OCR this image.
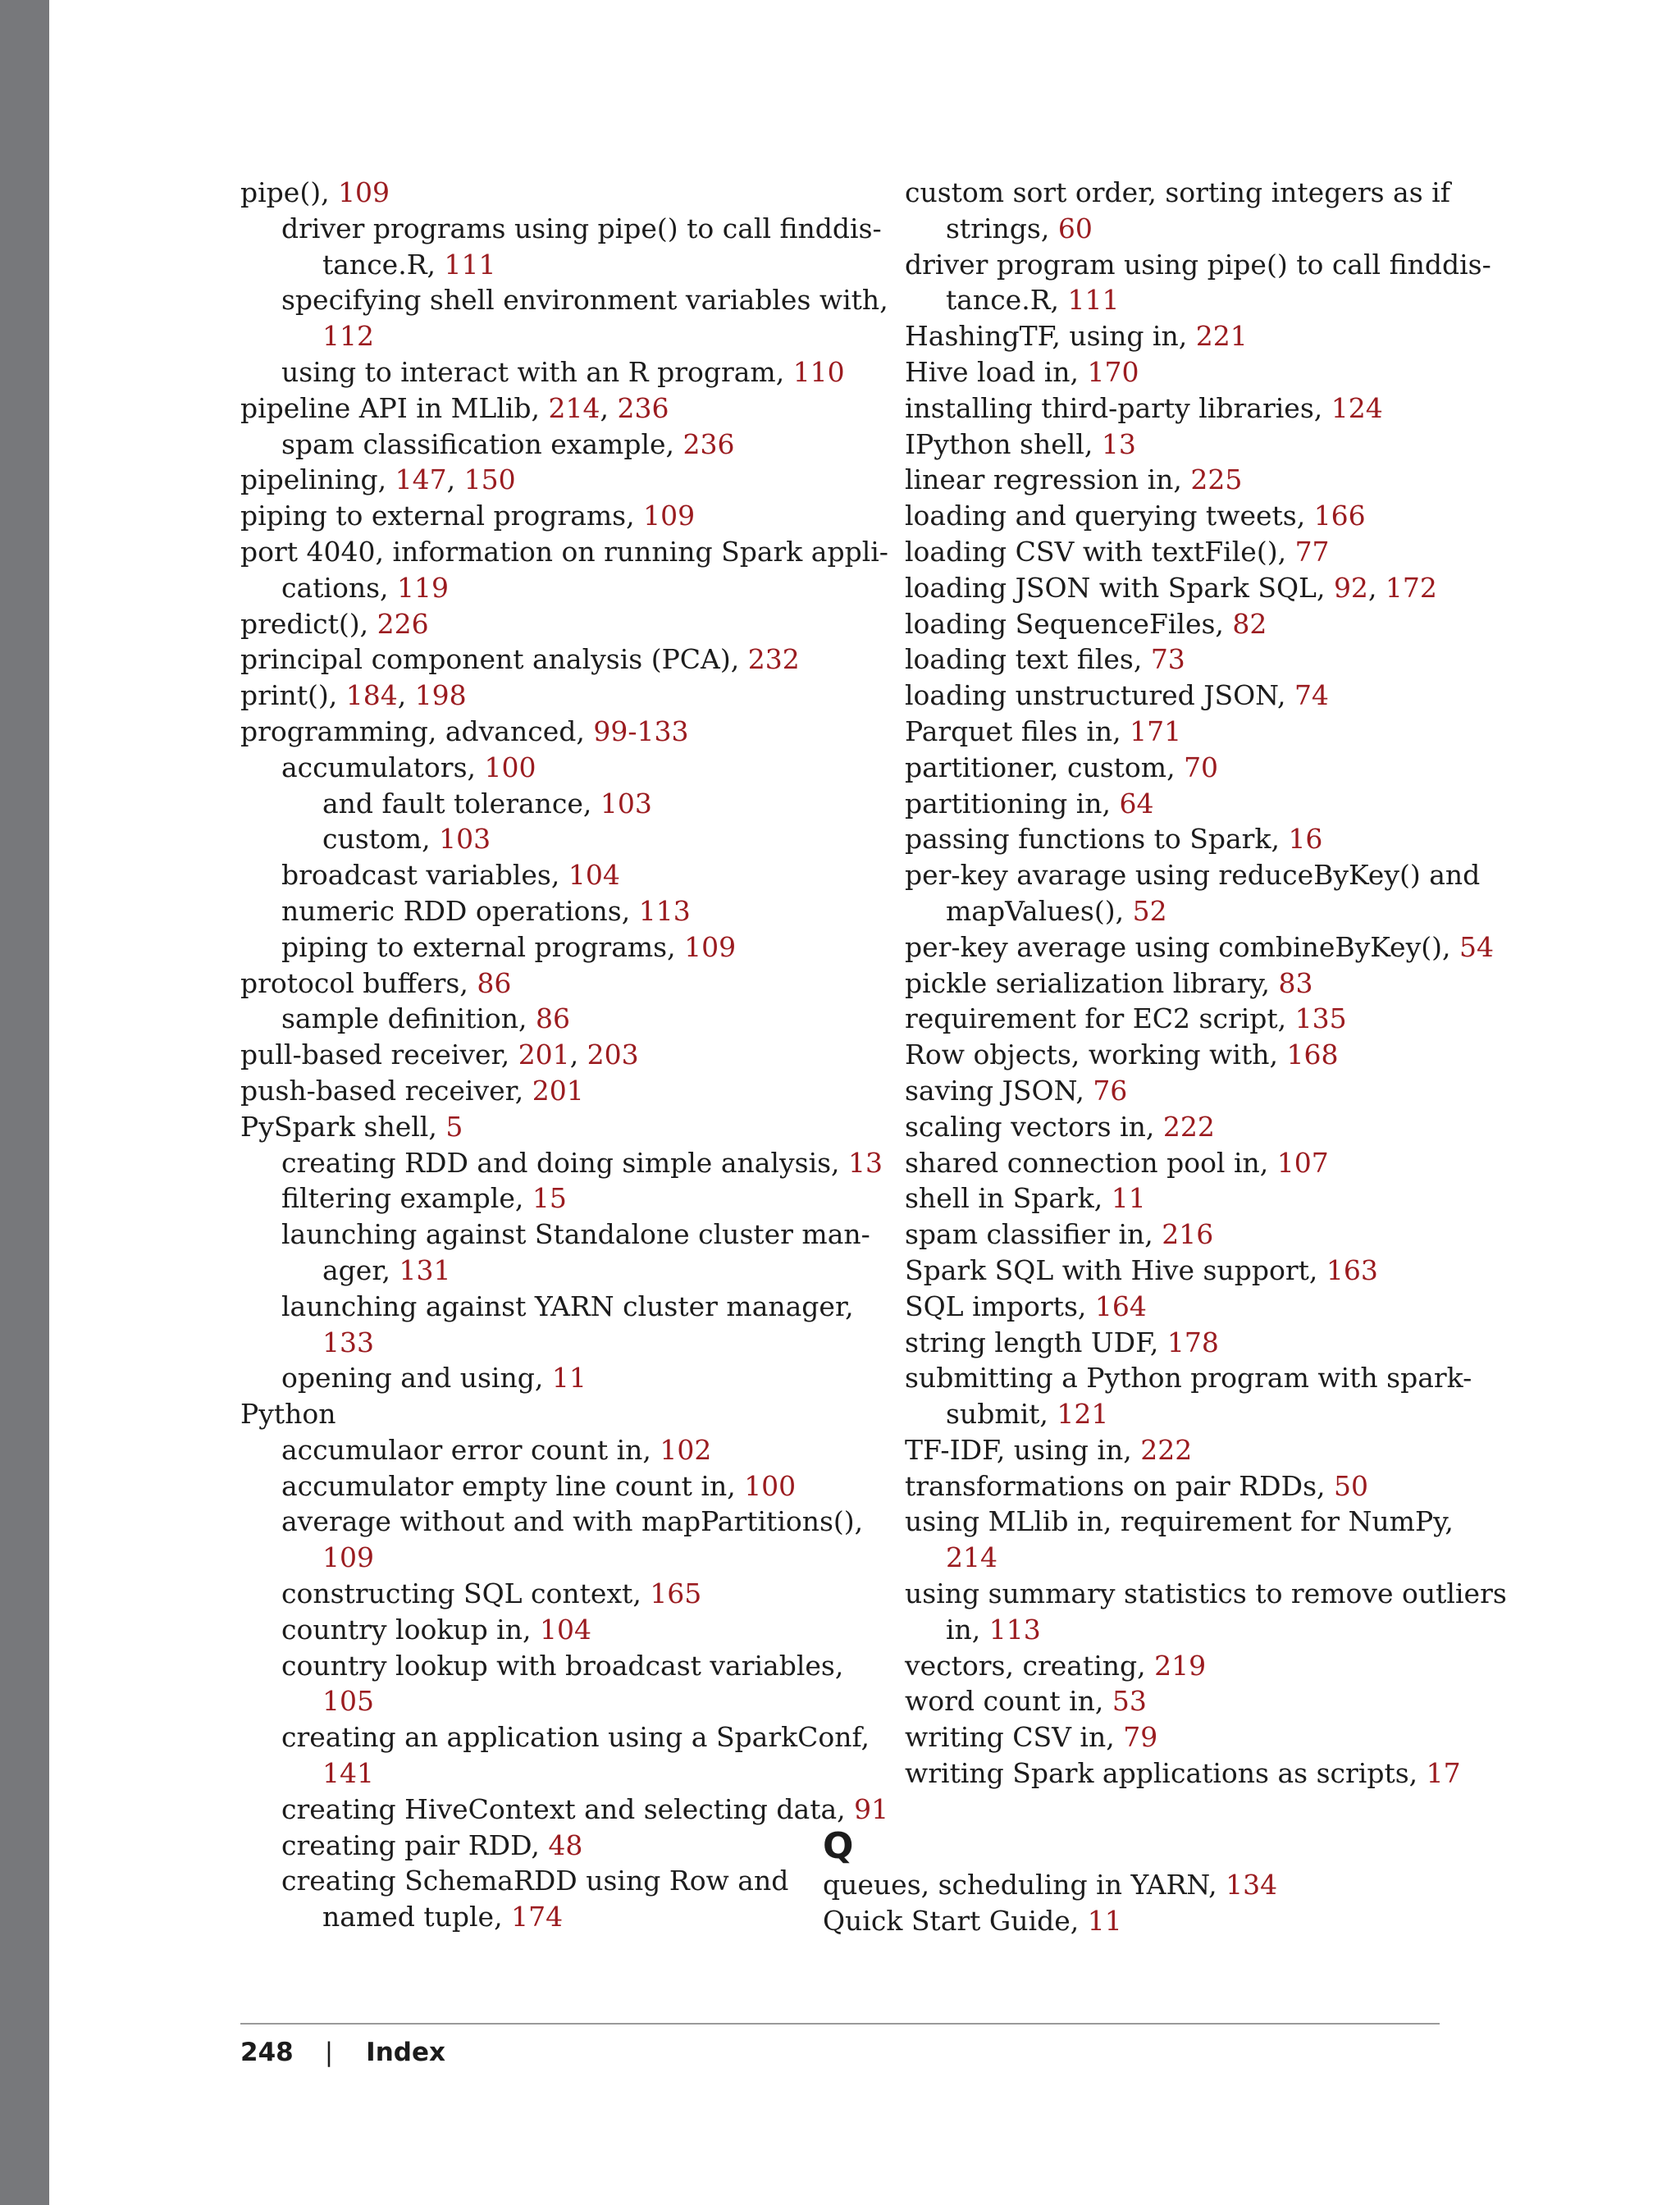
pipe(), 109
driver programs using pipe() to call finddis-
tance.R, 111
specifying shell environment variables with,
112
using to interact with an R program, 110
pipeline API in MLlib, 214, 236
spam classification example, 236
pipelining, 147, 150
piping to external programs, 109
port 4040, information on running Spark appli-
cations, 119
predict(), 226
principal component analysis (PCA), 232
print(), 184, 198
programming, advanced, 99-133
accumulators, 100
and fault tolerance, 103
custom, 103
broadcast variables, 104
numeric RDD operations, 113
piping to external programs, 109
protocol buffers, 86
sample definition, 86
pull-based receiver, 201, 203
push-based receiver, 201
PySpark shell, 5
creating RDD and doing simple analysis, 13
filtering example, 15
launching against Standalone cluster man-
ager, 131
launching against YARN cluster manager,
133
opening and using, 11
Python
accumulaor error count in, 102
accumulator empty line count in, 100
average without and with mapPartitions(),
109
constructing SQL context, 165
country lookup in, 104
country lookup with broadcast variables,
105
creating an application using a SparkConf,
141
creating HiveContext and selecting data, 91
creating pair RDD, 48
creating SchemaRDD using Row and
named tuple, 174
custom sort order, sorting integers as if
strings, 60
driver program using pipe() to call finddis-
tance.R, 111
HashingTF, using in, 221
Hive load in, 170
installing third-party libraries, 124
IPython shell, 13
linear regression in, 225
loading and querying tweets, 166
loading CSV with textFile(), 77
loading JSON with Spark SQL, 92, 172
loading SequenceFiles, 82
loading text files, 73
loading unstructured JSON, 74
Parquet files in, 171
partitioner, custom, 70
partitioning in, 64
passing functions to Spark, 16
per-key avarage using reduceByKey() and
mapValues(), 52
per-key average using combineByKey(), 54
pickle serialization library, 83
requirement for EC2 script, 135
Row objects, working with, 168
saving JSON, 76
scaling vectors in, 222
shared connection pool in, 107
shell in Spark, 11
spam classifier in, 216
Spark SQL with Hive support, 163
SQL imports, 164
string length UDF, 178
submitting a Python program with spark-
submit, 121
TF-IDF, using in, 222
transformations on pair RDDs, 50
using MLlib in, requirement for NumPy,
214
using summary statistics to remove outliers
in, 113
vectors, creating, 219
word count in, 53
writing CSV in, 79
writing Spark applications as scripts, 17
Q
queues, scheduling in YARN, 134
Quick Start Guide, 11
248 | Index
